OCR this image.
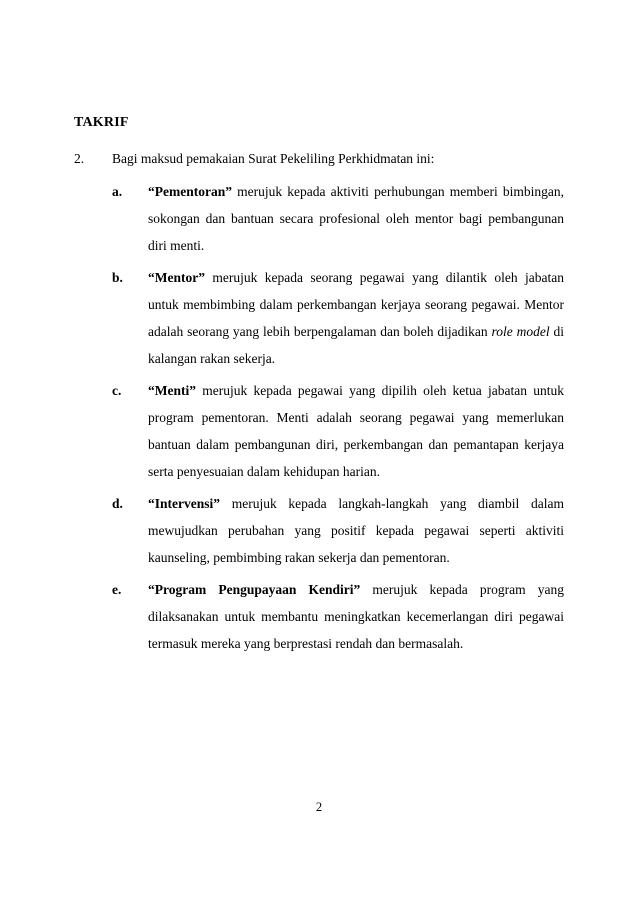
TAKRIF
2. Bagi maksud pemakaian Surat Pekeliling Perkhidmatan ini:
a. “Pementoran” merujuk kepada aktiviti perhubungan memberi bimbingan, sokongan dan bantuan secara profesional oleh mentor bagi pembangunan diri menti.
b. “Mentor” merujuk kepada seorang pegawai yang dilantik oleh jabatan untuk membimbing dalam perkembangan kerjaya seorang pegawai. Mentor adalah seorang yang lebih berpengalaman dan boleh dijadikan role model di kalangan rakan sekerja.
c. “Menti” merujuk kepada pegawai yang dipilih oleh ketua jabatan untuk program pementoran. Menti adalah seorang pegawai yang memerlukan bantuan dalam pembangunan diri, perkembangan dan pemantapan kerjaya serta penyesuaian dalam kehidupan harian.
d. “Intervensi” merujuk kepada langkah-langkah yang diambil dalam mewujudkan perubahan yang positif kepada pegawai seperti aktiviti kaunseling, pembimbing rakan sekerja dan pementoran.
e. “Program Pengupayaan Kendiri” merujuk kepada program yang dilaksanakan untuk membantu meningkatkan kecemerlangan diri pegawai termasuk mereka yang berprestasi rendah dan bermasalah.
2
